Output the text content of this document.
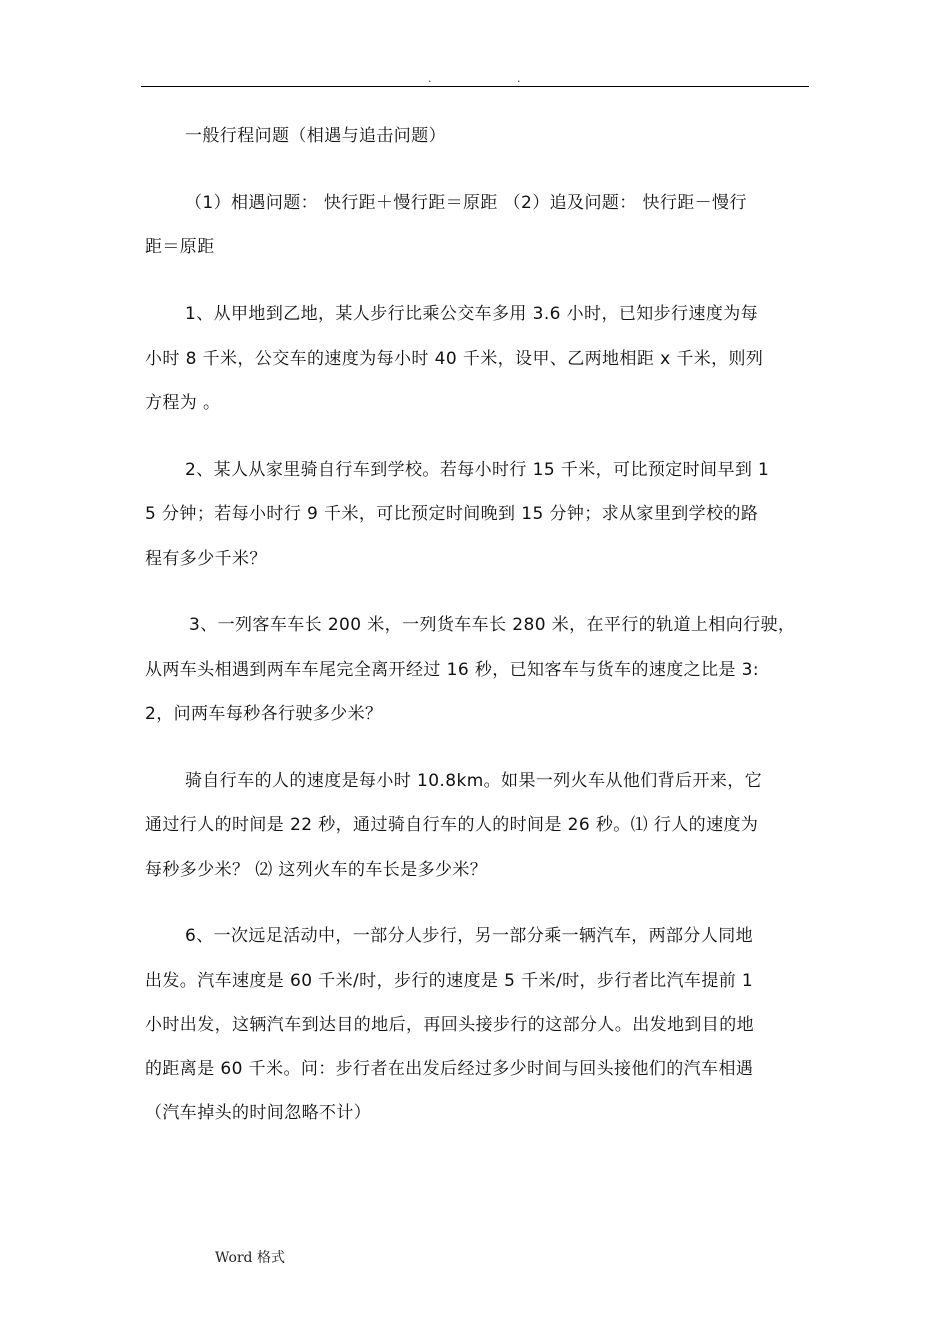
.	.
一般行程问题（相遇与追击问题）
（1）相遇问题： 快行距＋慢行距＝原距 （2）追及问题： 快行距－慢行
距＝原距
1、从甲地到乙地，某人步行比乘公交车多用 3.6 小时，已知步行速度为每
小时 8 千米，公交车的速度为每小时 40 千米，设甲、乙两地相距 x 千米，则列
方程为 。
2、某人从家里骑自行车到学校。若每小时行 15 千米，可比预定时间早到 1
5 分钟；若每小时行 9 千米，可比预定时间晚到 15 分钟；求从家里到学校的路
程有多少千米？
3、一列客车车长 200 米，一列货车车长 280 米，在平行的轨道上相向行驶，
从两车头相遇到两车车尾完全离开经过 16 秒，已知客车与货车的速度之比是 3:
2，问两车每秒各行驶多少米？
骑自行车的人的速度是每小时 10.8km。如果一列火车从他们背后开来，它
通过行人的时间是 22 秒，通过骑自行车的人的时间是 26 秒。⑴ 行人的速度为
每秒多少米？ ⑵ 这列火车的车长是多少米？
6、一次远足活动中，一部分人步行，另一部分乘一辆汽车，两部分人同地
出发。汽车速度是 60 千米/时，步行的速度是 5 千米/时，步行者比汽车提前 1
小时出发，这辆汽车到达目的地后，再回头接步行的这部分人。出发地到目的地
的距离是 60 千米。问：步行者在出发后经过多少时间与回头接他们的汽车相遇
（汽车掉头的时间忽略不计）
Word 格式
